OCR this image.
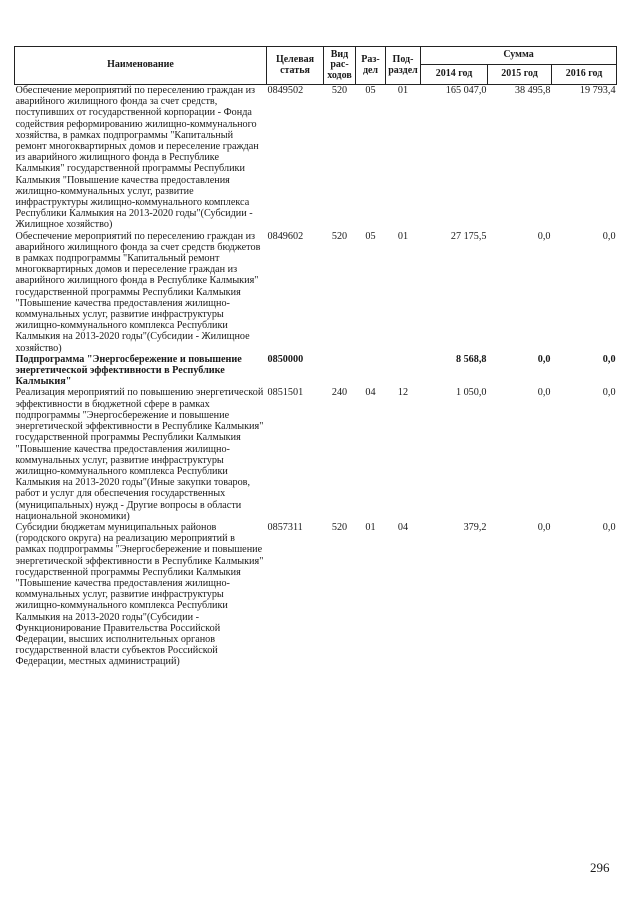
Наименование	Целевая статья	Вид рас-ходов	Раз-дел	Под-раздел	Сумма		
					2014 год	2015 год	2016 год
Обеспечение мероприятий по переселению граждан из аварийного жилищного фонда за счет средств, поступивших от государственной корпорации - Фонда содействия реформированию жилищно-коммунального хозяйства, в рамках подпрограммы "Капитальный ремонт многоквартирных домов и переселение граждан из аварийного жилищного фонда в Республике Калмыкия" государственной программы Республики Калмыкия "Повышение качества предоставления жилищно-коммунальных услуг, развитие инфраструктуры жилищно-коммунального комплекса Республики Калмыкия на 2013-2020 годы"(Субсидии - Жилищное хозяйство)	0849502	520	05	01	165 047,0	38 495,8	19 793,4
Обеспечение мероприятий по переселению граждан из аварийного жилищного фонда за счет средств бюджетов в рамках подпрограммы "Капитальный ремонт многоквартирных домов и переселение граждан из аварийного жилищного фонда в Республике Калмыкия" государственной программы Республики Калмыкия "Повышение качества предоставления жилищно-коммунальных услуг, развитие инфраструктуры жилищно-коммунального комплекса Республики Калмыкия на 2013-2020 годы"(Субсидии - Жилищное хозяйство)	0849602	520	05	01	27 175,5	0,0	0,0
Подпрограмма "Энергосбережение и повышение энергетической эффективности в Республике Калмыкия"	0850000				8 568,8	0,0	0,0
Реализация мероприятий по повышению энергетической эффективности в бюджетной сфере в рамках подпрограммы "Энергосбережение и повышение энергетической эффективности в Республике Калмыкия" государственной программы Республики Калмыкия "Повышение качества предоставления жилищно-коммунальных услуг, развитие инфраструктуры жилищно-коммунального комплекса Республики Калмыкия на 2013-2020 годы"(Иные закупки товаров, работ и услуг для обеспечения государственных (муниципальных) нужд - Другие вопросы в области национальной экономики)	0851501	240	04	12	1 050,0	0,0	0,0
Субсидии бюджетам муниципальных районов (городского округа) на реализацию мероприятий в рамках подпрограммы "Энергосбережение и повышение энергетической эффективности в Республике Калмыкия" государственной программы Республики Калмыкия "Повышение качества предоставления жилищно-коммунальных услуг, развитие инфраструктуры жилищно-коммунального комплекса Республики Калмыкия на 2013-2020 годы"(Субсидии - Функционирование Правительства Российской Федерации, высших исполнительных органов государственной власти субъектов Российской Федерации, местных администраций)	0857311	520	01	04	379,2	0,0	0,0
296
